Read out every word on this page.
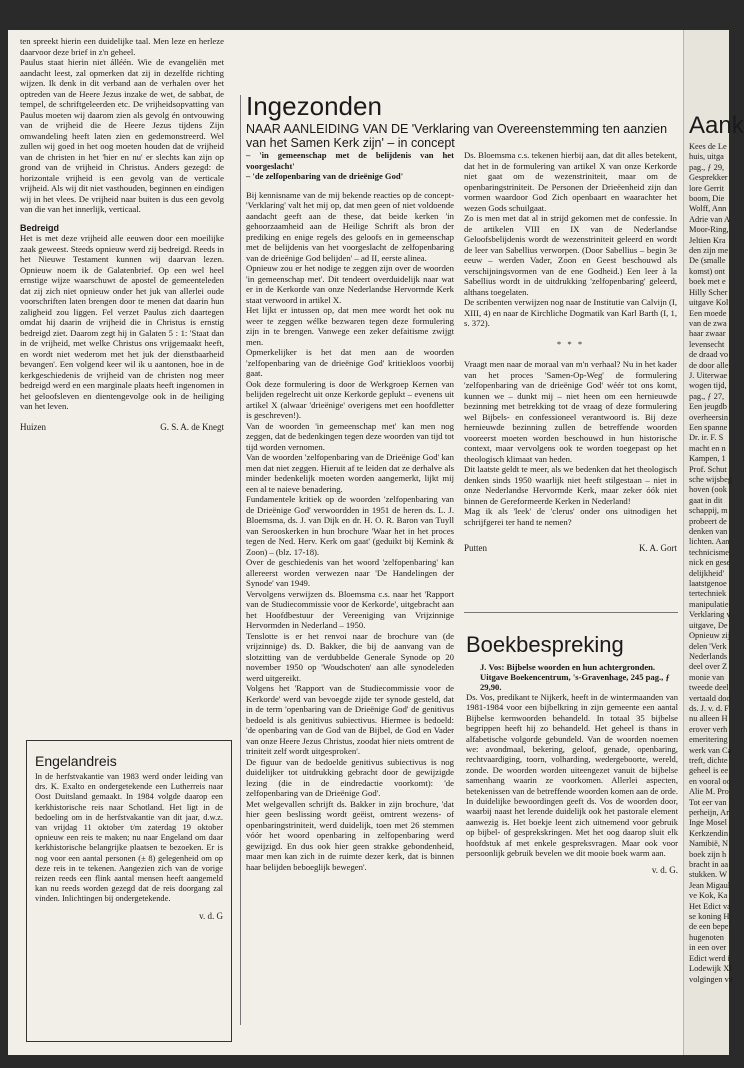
ten spreekt hierin een duidelijke taal. Men leze en herleze daarvoor deze brief in z'n geheel.

Paulus staat hierin niet álléén. Wie de evangeliën met aandacht leest, zal opmerken dat zij in dezelfde richting wijzen. Ik denk in dit verband aan de verhalen over het optreden van de Heere Jezus inzake de wet, de sabbat, de tempel, de schriftgeleerden etc. De vrijheidsopvatting van Paulus moeten wij daarom zien als gevolg én ontvouwing van de vrijheid die de Heere Jezus tijdens Zijn omwandeling heeft laten zien en gedemonstreerd. Wel zullen wij goed in het oog moeten houden dat de vrijheid van de christen in het 'hier en nu' er slechts kan zijn op grond van de vrijheid in Christus. Anders gezegd: de horizontale vrijheid is een gevolg van de verticale vrijheid. Als wij dit niet vasthouden, beginnen en eindigen wij in het vlees. De vrijheid naar buiten is dus een gevolg van die van het innerlijk, verticaal.

Bedreigd

Het is met deze vrijheid alle eeuwen door een moeilijke zaak geweest. Steeds opnieuw werd zij bedreigd. Reeds in het Nieuwe Testament kunnen wij daarvan lezen. Opnieuw noem ik de Galatenbrief. Op een wel heel ernstige wijze waarschuwt de apostel de gemeenteleden dat zij zich niet opnieuw onder het juk van allerlei oude voorschriften laten brengen door te menen dat daarin hun zaligheid zou liggen. Fel verzet Paulus zich daartegen omdat hij daarin de vrijheid die in Christus is ernstig bedreigd ziet. Daarom zegt hij in Galaten 5 : 1: 'Staat dan in de vrijheid, met welke Christus ons vrijgemaakt heeft, en wordt niet wederom met het juk der dienstbaarheid bevangen'. Een volgend keer wil ik u aantonen, hoe in de kerkgeschiedenis de vrijheid van de christen nog meer bedreigd werd en een marginale plaats heeft ingenomen in het geloofsleven en dientengevolge ook in de heiliging van het leven.

Huizen	G. S. A. de Knegt
Engelandreis

In de herfstvakantie van 1983 werd onder leiding van drs. K. Exalto en ondergetekende een Lutherreis naar Oost Duitsland gemaakt. In 1984 volgde daarop een kerkhistorische reis naar Schotland. Het ligt in de bedoeling om in de herfstvakantie van dit jaar, d.w.z. van vrijdag 11 oktober t/m zaterdag 19 oktober opnieuw een reis te maken; nu naar Engeland om daar kerkhistorische belangrijke plaatsen te bezoeken. Er is nog voor een aantal personen (± 8) gelegenheid om op deze reis in te tekenen. Aangezien zich van de vorige reizen reeds een flink aantal mensen heeft aangemeld kan nu reeds worden gezegd dat de reis doorgang zal vinden. Inlichtingen bij ondergetekende.

v. d. G
Ingezonden
NAAR AANLEIDING VAN DE 'Verklaring van Overeenstemming ten aanzien van het Samen Kerk zijn' – in concept

– 'in gemeenschap met de belijdenis van het voorgeslacht'

– 'de zelfopenbaring van de drieënige God'

Bij kennisname van de mij bekende reacties op de concept-'Verklaring' valt het mij op, dat men geen of niet voldoende aandacht geeft aan de these, dat beide kerken 'in gehoorzaamheid aan de Heilige Schrift als bron der prediking en enige regels des geloofs en in gemeenschap met de belijdenis van het voorgeslacht de zelfopenbaring van de drieënige God belijden' – ad II, eerste alinea.

Opnieuw zou er het nodige te zeggen zijn over de woorden 'in gemeenschap met'. Dit tendeert overduidelijk naar wat er in de Kerkorde van onze Nederlandse Hervormde Kerk staat verwoord in artikel X.

Het lijkt er intussen op, dat men mee wordt het ook nu weer te zeggen wélke bezwaren tegen deze formulering zijn in te brengen. Vanwege een zeker defaitisme zwijgt men.

Opmerkelijker is het dat men aan de woorden 'zelfopenbaring van de drieënige God' kritiekloos voorbij gaat.

Ook deze formulering is door de Werkgroep Kernen van belijden regelrecht uit onze Kerkorde geplukt – evenens uit artikel X (alwaar 'drieënige' overigens met een hoofdletter is geschreven!).

Van de woorden 'in gemeenschap met' kan men nog zeggen, dat de bedenkingen tegen deze woorden van tijd tot tijd worden vernomen.

Van de woorden 'zelfopenbaring van de Drieënige God' kan men dat niet zeggen. Hieruit af te leiden dat ze derhalve als minder bedenkelijk moeten worden aangemerkt, lijkt mij een al te naieve benadering.

Fundamentele kritiek op de woorden 'zelfopenbaring van de Drieënige God' verwoordden in 1951 de heren ds. L. J. Bloemsma, ds. J. van Dijk en dr. H. O. R. Baron van Tuyll van Serooskerken in hun brochure 'Waar het in het proces tegen de Ned. Herv. Kerk om gaat' (geduikt bij Kemink & Zoon) – (blz. 17-18).

Over de geschiedenis van het woord 'zelfopenbaring' kan allereerst worden verwezen naar 'De Handelingen der Synode' van 1949.

Vervolgens verwijzen ds. Bloemsma c.s. naar het 'Rapport van de Studiecommissie voor de Kerkorde', uitgebracht aan het Hoofdbestuur der Vereeniging van Vrijzinnige Hervormden in Nederland – 1950.

Tenslotte is er het renvoi naar de brochure van (de vrijzinnige) ds. D. Bakker, die bij de aanvang van de slotzitting van de verdubbelde Generale Synode op 20 november 1950 op 'Woudschoten' aan alle synodeleden werd uitgereikt.

Volgens het 'Rapport van de Studiecommissie voor de Kerkorde' werd van bevoegde zijde ter synode gesteld, dat in de term 'openbaring van de Drieënige God' de genitivus bedoeld is als genitivus subiectivus. Hiermee is bedoeld: 'de openbaring van de God van de Bijbel, de God en Vader van onze Heere Jezus Christus, zoodat hier niets omtrent de triniteit zelf wordt uitgesproken'.

De figuur van de bedoelde genitivus subiectivus is nog duidelijker tot uitdrukking gebracht door de gewijzigde lezing (die in de eindredactie voorkomt): 'de zelfopenbaring van de Drieënige God'.

Met welgevallen schrijft ds. Bakker in zijn brochure, 'dat hier geen beslissing wordt geëist, omtrent wezens- of openbaringstriniteit, werd duidelijk, toen met 26 stemmen vóór het woord openbaring in zelfopenbaring werd gewijzigd. En dus ook hier geen strakke gebondenheid, maar men kan zich in de ruimte dezer kerk, dat is binnen haar belijden beboeglijk bewegen'.

Ds. Bloemsma c.s. tekenen hierbij aan, dat dit alles betekent, dat het in de formulering van artikel X van onze Kerkorde niet gaat om de wezenstriniteit, maar om de openbaringstriniteit. De Personen der Drieëenheid zijn dan vormen waardoor God Zich openbaart en waarachter het wezen Gods schuilgaat.

Zo is men met dat al in strijd gekomen met de confessie. In de artikelen VIII en IX van de Nederlandse Geloofsbelijdenis wordt de wezenstriniteit geleerd en wordt de leer van Sabellius verworpen. (Door Sabellius – begin 3e eeuw – werden Vader, Zoon en Geest beschouwd als verschijningsvormen van de ene Godheid.) Een leer à la Sabellius wordt in de uitdrukking 'zelfopenbaring' geleerd, althans toegelaten.

De scribenten verwijzen nog naar de Institutie van Calvijn (I, XIII, 4) en naar de Kirchliche Dogmatik van Karl Barth (I, 1, s. 372).

* * *

Vraagt men naar de moraal van m'n verhaal? Nu in het kader van het proces 'Samen-Op-Weg' de formulering 'zelfopenbaring van de drieënige God' wéér tot ons komt, kunnen we – dunkt mij – niet heen om een hernieuwde bezinning met betrekking tot de vraag of deze formulering wel Bijbels- en confessioneel verantwoord is. Bij deze hernieuwde bezinning zullen de betreffende woorden vooreerst moeten worden beschouwd in hun historische context, maar vervolgens ook te worden toegepast op het theologisch klimaat van heden.

Dit laatste geldt te meer, als we bedenken dat het theologisch denken sinds 1950 waarlijk niet heeft stilgestaan – niet in onze Nederlandse Hervormde Kerk, maar zeker óók niet binnen de Gereformeerde Kerken in Nederland!

Mag ik als 'leek' de 'clerus' onder ons uitnodigen het schrijfgerei ter hand te nemen?

Putten	K. A. Gort
Boekbespreking
J. Vos: Bijbelse woorden en hun achtergronden. Uitgave Boekencentrum, 's-Gravenhage, 245 pag., ƒ 29,90.
Ds. Vos, predikant te Nijkerk, heeft in de wintermaanden van 1981-1984 voor een bijbelkring in zijn gemeente een aantal Bijbelse kernwoorden behandeld. In totaal 35 bijbelse begrippen heeft hij zo behandeld. Het geheel is thans in alfabetische volgorde gebundeld. Van de woorden noemen we: avondmaal, bekering, geloof, genade, openbaring, rechtvaardiging, toorn, volharding, wedergeboorte, wereld, zonde. De woorden worden uiteengezet vanuit de bijbelse samenhang waarin ze voorkomen. Allerlei aspecten, betekenissen van de betreffende woorden komen aan de orde. In duidelijke bewoordingen geeft ds. Vos de woorden door, waarbij naast het lerende duidelijk ook het pastorale element aanwezig is. Het boekje leent zich uitnemend voor gebruik op bijbel- of gesprekskringen. Met het oog daarop sluit elk hoofdstuk af met enkele gespreksvragen. Maar ook voor persoonlijk gebruik bevelen we dit mooie boek warm aan.
v. d. G.
Aank
Kees de Le
huis, uitga
pag., ƒ 29,
Gesprekker
lore Gerrit
boom, Die
Wolff, Ann
Adrie van A
Moor-Ring,
Jeltien Kra
den zijn me
De (smalle
komst) ont
boek met e
Hilly Scher
uitgave Kol
Een moede
van de zwa
haar zwaar
levensecht
de draad vo
de door alle
J. Uiterwae
wogen tijd,
pag., ƒ 27,
Een jeugdb
overheersin
Een spanne
Dr. ir. F. S
macht en n
Kampen, 1
Prof. Schut
sche wijsbeg
hoven (ook
gaat in dit
schappij, m
probeert de
denken van
lichten. Aan
technicisme
nick en gese
delijkheid'
laatstgenoe
tertechniek
manipulatie
Verklaring v
uitgave, De
Opnieuw zij
delen 'Verk
Nederlands
deel over Z
monie van
tweede deel
vertaald doo
ds. J. v. d. F
nu alleen H
erover verh
emeritering
werk van Ca
treft, dichte
geheel is ee
en vooral oo
Alie M. Pro
Tot eer van
perheijn, Ar
Inge Mosel
Kerkzendin
Namibië, N
boek zijn h
bracht in aa
stukken. W
Jean Migaul
ve Kok, Ka
Het Edict va
se koning H
de een bepe
hugenoten
in een over
Edict werd i
Lodewijk XI
volgingen va
